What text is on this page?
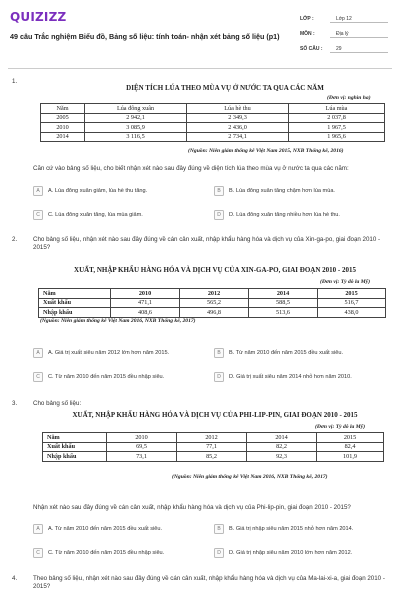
QUIZIZZ
49 câu Trắc nghiệm Biểu đồ, Bảng số liệu: tính toán- nhận xét bảng số liệu (p1)
LỚP :	Lớp 12
MÔN :	Địa lý
SỐ CÂU :	29
1.
DIỆN TÍCH LÚA THEO MÙA VỤ Ở NƯỚC TA QUA CÁC NĂM
(Đơn vị: nghìn ha)
Năm	Lúa đông xuân	Lúa hè thu	Lúa mùa
2005	2 942,1	2 349,3	2 037,8
2010	3 085,9	2 436,0	1 967,5
2014	3 116,5	2 734,1	1 965,6
(Nguồn: Niên giám thống kê Việt Nam 2015, NXB Thống kê, 2016)
Căn cứ vào bảng số liệu, cho biết nhận xét nào sau đây đúng về diện tích lúa theo mùa vụ ở nước ta qua các năm:
A	A. Lúa đông xuân giảm, lúa hè thu tăng.	B	B. Lúa đông xuân tăng chậm hơn lúa mùa.
C	C. Lúa đông xuân tăng, lúa mùa giảm.	D	D. Lúa đông xuân tăng nhiều hơn lúa hè thu.
2.	Cho bảng số liệu, nhận xét nào sau đây đúng về cán cân xuất, nhập khẩu hàng hóa và dịch vụ của Xin-ga-po, giai đoạn 2010 - 2015?
XUẤT, NHẬP KHẨU HÀNG HÓA VÀ DỊCH VỤ CỦA XIN-GA-PO, GIAI ĐOẠN 2010 - 2015
(Đơn vị: Tỷ đô la Mỹ)
Năm	2010	2012	2014	2015
Xuất khẩu	471,1	565,2	588,5	516,7
Nhập khẩu	408,6	496,8	513,6	438,0
(Nguồn: Niên giám thống kê Việt Nam 2016, NXB Thống kê, 2017)
A	A. Giá trị xuất siêu năm 2012 lớn hơn năm 2015.	B	B. Từ năm 2010 đến năm 2015 đều xuất siêu.
C	C. Từ năm 2010 đến năm 2015 đều nhập siêu.	D	D. Giá trị xuất siêu năm 2014 nhỏ hơn năm 2010.
3.	Cho bảng số liệu:
XUẤT, NHẬP KHẨU HÀNG HÓA VÀ DỊCH VỤ CỦA PHI-LIP-PIN, GIAI ĐOẠN 2010 - 2015
(Đơn vị: Tỷ đô la Mỹ)
Năm	2010	2012	2014	2015
Xuất khẩu	69,5	77,1	82,2	82,4
Nhập khẩu	73,1	85,2	92,3	101,9
(Nguồn: Niên giám thống kê Việt Nam 2016, NXB Thống kê, 2017)
Nhận xét nào sau đây đúng về cán cân xuất, nhập khẩu hàng hóa và dịch vụ của Phi-lip-pin, giai đoạn 2010 - 2015?
A	A. Từ năm 2010 đến năm 2015 đều xuất siêu.	B	B. Giá trị nhập siêu năm 2015 nhỏ hơn năm 2014.
C	C. Từ năm 2010 đến năm 2015 đều nhập siêu.	D	D. Giá trị nhập siêu năm 2010 lớn hơn năm 2012.
4.	Theo bảng số liệu, nhận xét nào sau đây đúng về cán cân xuất, nhập khẩu hàng hóa và dịch vụ của Ma-lai-xi-a, giai đoạn 2010 - 2015?
